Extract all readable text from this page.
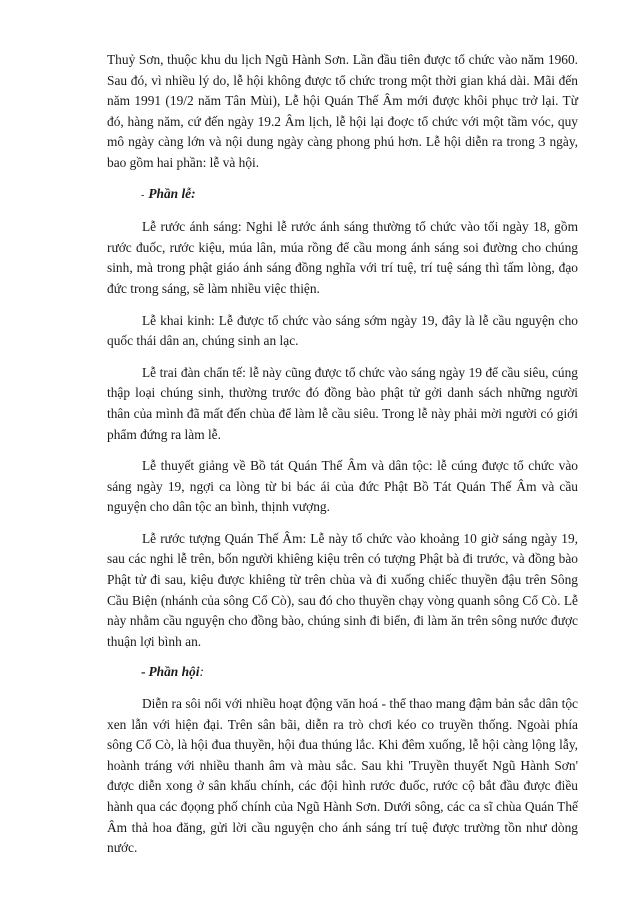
Thuỷ Sơn, thuộc khu du lịch Ngũ Hành Sơn. Lần đầu tiên được tổ chức vào năm 1960. Sau đó, vì nhiều lý do, lễ hội không được tổ chức trong một thời gian khá dài. Mãi đến năm 1991 (19/2 năm Tân Mùi), Lễ hội Quán Thế Âm mới được khôi phục trở lại. Từ đó, hàng năm, cứ đến ngày 19.2 Âm lịch, lễ hội lại đoợc tổ chức với một tầm vóc, quy mô ngày càng lớn và nội dung ngày càng phong phú hơn. Lễ hội diễn ra trong 3 ngày, bao gồm hai phần: lễ và hội.

- Phần lễ:

Lễ rước ánh sáng: Nghi lễ rước ánh sáng thường tổ chức vào tối ngày 18, gồm rước đuốc, rước kiệu, múa lân, múa rồng để cầu mong ánh sáng soi đường cho chúng sinh, mà trong phật giáo ánh sáng đồng nghĩa với trí tuệ, trí tuệ sáng thì tấm lòng, đạo đức trong sáng, sẽ làm nhiều việc thiện.

Lễ khai kinh: Lễ được tổ chức vào sáng sớm ngày 19, đây là lễ cầu nguyện cho quốc thái dân an, chúng sinh an lạc.

Lễ trai đàn chẩn tế: lễ này cũng được tổ chức vào sáng ngày 19 để cầu siêu, cúng thập loại chúng sinh, thường trước đó đồng bào phật tử gởi danh sách những người thân của mình đã mất đến chùa để làm lễ cầu siêu. Trong lễ này phải mời người có giới phẩm đứng ra làm lễ.

Lễ thuyết giảng về Bồ tát Quán Thế Âm và dân tộc: lễ cúng được tổ chức vào sáng ngày 19, ngợi ca lòng từ bi bác ái của đức Phật Bồ Tát Quán Thế Âm và cầu nguyện cho dân tộc an bình, thịnh vượng.

Lễ rước tượng Quán Thế Âm: Lễ này tổ chức vào khoảng 10 giờ sáng ngày 19, sau các nghi lễ trên, bốn người khiêng kiệu trên có tượng Phật bà đi trước, và đồng bào Phật tử đi sau, kiệu được khiêng từ trên chùa và đi xuống chiếc thuyền đậu trên Sông Cầu Biện (nhánh của sông Cổ Cò), sau đó cho thuyền chạy vòng quanh sông Cổ Cò. Lễ này nhằm cầu nguyện cho đồng bào, chúng sinh đi biển, đi làm ăn trên sông nước được thuận lợi bình an.

- Phần hội:

Diễn ra sôi nổi với nhiều hoạt động văn hoá - thể thao mang đậm bản sắc dân tộc xen lẫn với hiện đại. Trên sân bãi, diễn ra trò chơi kéo co truyền thống. Ngoài phía sông Cổ Cò, là hội đua thuyền, hội đua thúng lắc. Khi đêm xuống, lễ hội càng lộng lẫy, hoành tráng với nhiều thanh âm và màu sắc. Sau khi 'Truyền thuyết Ngũ Hành Sơn' được diễn xong ở sân khấu chính, các đội hình rước đuốc, rước cộ bắt đầu được điều hành qua các đọọng phố chính của Ngũ Hành Sơn. Dưới sông, các ca sĩ chùa Quán Thế Âm thả hoa đăng, gửi lời cầu nguyện cho ánh sáng trí tuệ được trường tồn như dòng nước.
